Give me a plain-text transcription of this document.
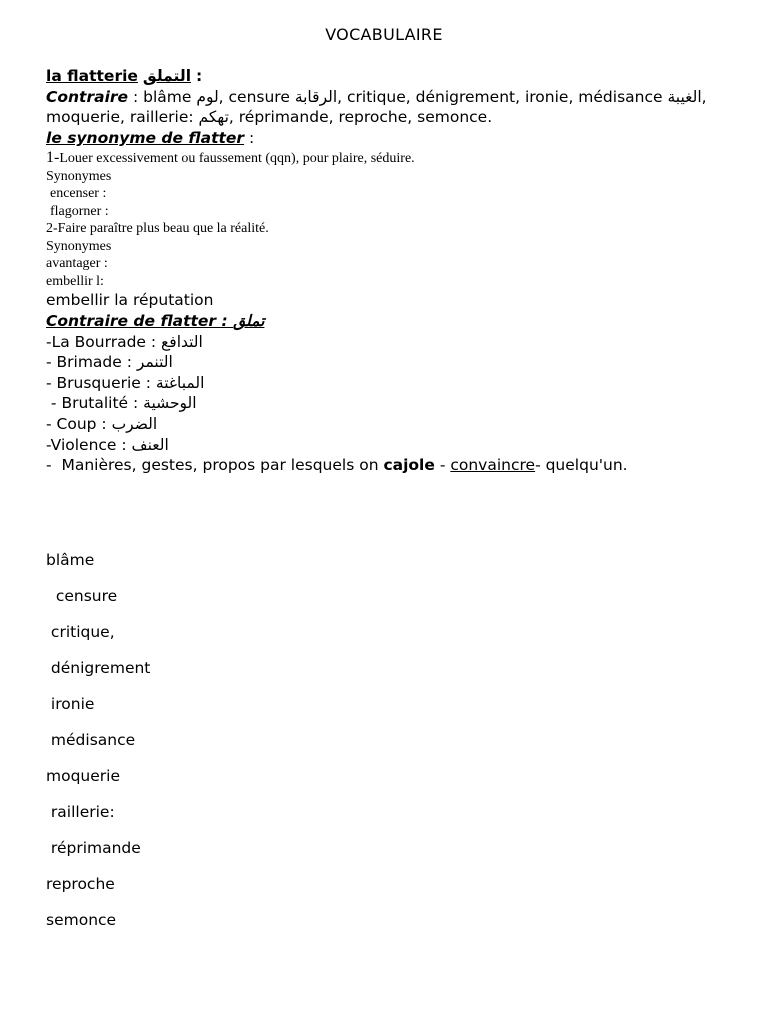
VOCABULAIRE
la flatterie التملق :
Contraire : blâme لوم, censure الرقابة, critique, dénigrement, ironie, médisance الغيبة,
moquerie, raillerie: تهكم, réprimande, reproche, semonce.
le synonyme de flatter :
1-Louer excessivement ou faussement (qqn), pour plaire, séduire.
Synonymes
encenser :
flagorner :
2-Faire paraître plus beau que la réalité.
Synonymes
avantager :
embellir l:
embellir la réputation
Contraire de flatter : تملق
-La Bourrade : التدافع
- Brimade : التنمر
- Brusquerie : المباغتة
- Brutalité : الوحشية
- Coup : الضرب
-Violence : العنف
-  Manières, gestes, propos par lesquels on cajole - convaincre- quelqu'un.
blâme
censure
critique,
dénigrement
ironie
médisance
moquerie
raillerie:
réprimande
reproche
semonce
